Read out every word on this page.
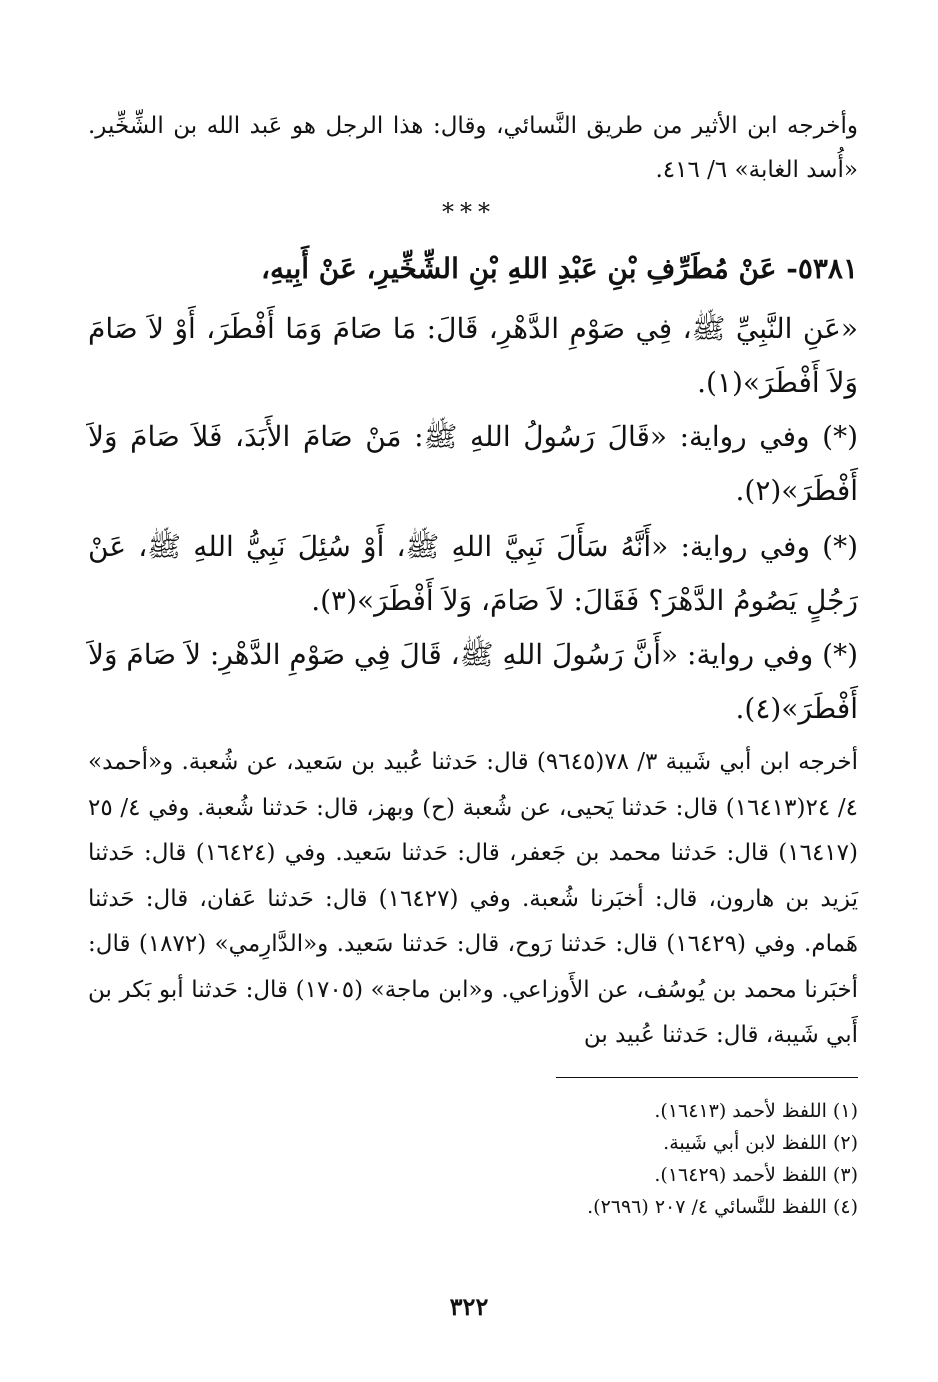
وأخرجه ابن الأثير من طريق النَّسائي، وقال: هذا الرجل هو عَبد الله بن الشِّخِّير. «أُسد الغابة» ٦/ ٤١٦.

***

٥٣٨١- عَنْ مُطَرِّفِ بْنِ عَبْدِ اللهِ بْنِ الشِّخِّيرِ، عَنْ أَبِيهِ،

«عَنِ النَّبِيِّ ﷺ، فِي صَوْمِ الدَّهْرِ، قَالَ: مَا صَامَ وَمَا أَفْطَرَ، أَوْ لاَ صَامَ وَلاَ أَفْطَرَ»(١).

(*) وفي رواية: «قَالَ رَسُولُ اللهِ ﷺ: مَنْ صَامَ الأَبَدَ، فَلاَ صَامَ وَلاَ أَفْطَرَ»(٢).

(*) وفي رواية: «أَنَّهُ سَأَلَ نَبِيَّ اللهِ ﷺ، أَوْ سُئِلَ نَبِيُّ اللهِ ﷺ، عَنْ رَجُلٍ يَصُومُ الدَّهْرَ؟ فَقَالَ: لاَ صَامَ، وَلاَ أَفْطَرَ»(٣).

(*) وفي رواية: «أَنَّ رَسُولَ اللهِ ﷺ، قَالَ فِي صَوْمِ الدَّهْرِ: لاَ صَامَ وَلاَ أَفْطَرَ»(٤).

أخرجه ابن أبي شَيبة ٣/ ٧٨(٩٦٤٥) قال: حَدثنا عُبيد بن سَعيد، عن شُعبة. و«أحمد» ٤/ ٢٤(١٦٤١٣) قال: حَدثنا يَحيى، عن شُعبة (ح) وبهز، قال: حَدثنا شُعبة. وفي ٤/ ٢٥ (١٦٤١٧) قال: حَدثنا محمد بن جَعفر، قال: حَدثنا سَعيد. وفي (١٦٤٢٤) قال: حَدثنا يَزيد بن هارون، قال: أخبَرنا شُعبة. وفي (١٦٤٢٧) قال: حَدثنا عَفان، قال: حَدثنا هَمام. وفي (١٦٤٢٩) قال: حَدثنا رَوح، قال: حَدثنا سَعيد. و«الدَّارِمي» (١٨٧٢) قال: أخبَرنا محمد بن يُوسُف، عن الأَوزاعي. و«ابن ماجة» (١٧٠٥) قال: حَدثنا أبو بَكر بن أَبي شَيبة، قال: حَدثنا عُبيد بن

(١) اللفظ لأحمد (١٦٤١٣).
(٢) اللفظ لابن أبي شَيبة.
(٣) اللفظ لأحمد (١٦٤٢٩).
(٤) اللفظ للنَّسائي ٤/ ٢٠٧ (٢٦٩٦).
٣٢٢
